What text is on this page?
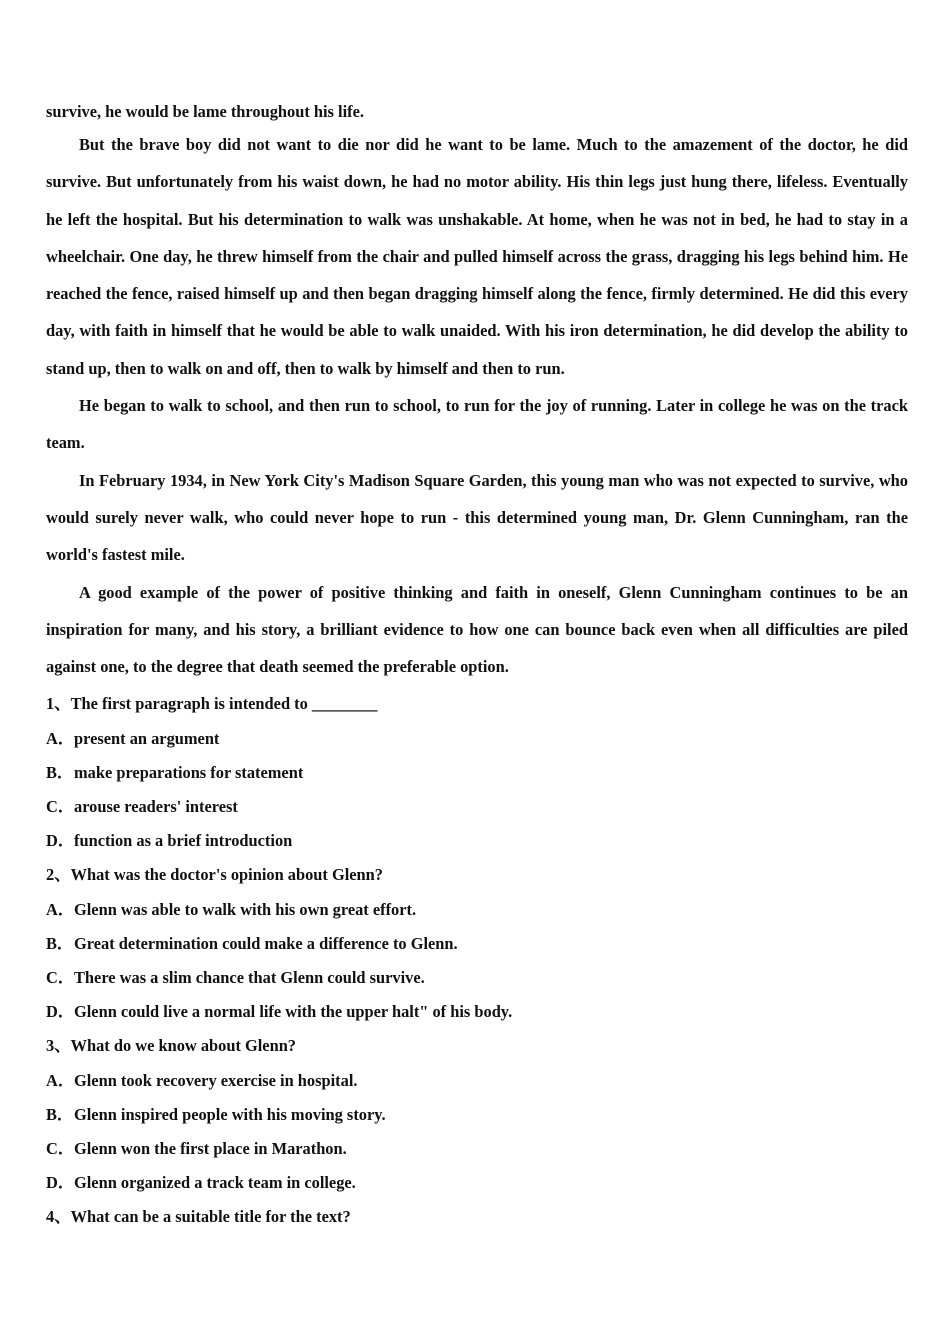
survive, he would be lame throughout his life.

But the brave boy did not want to die nor did he want to be lame. Much to the amazement of the doctor, he did survive. But unfortunately from his waist down, he had no motor ability. His thin legs just hung there, lifeless. Eventually he left the hospital. But his determination to walk was unshakable. At home, when he was not in bed, he had to stay in a wheelchair. One day, he threw himself from the chair and pulled himself across the grass, dragging his legs behind him. He reached the fence, raised himself up and then began dragging himself along the fence, firmly determined. He did this every day, with faith in himself that he would be able to walk unaided. With his iron determination, he did develop the ability to stand up, then to walk on and off, then to walk by himself and then to run.

He began to walk to school, and then run to school, to run for the joy of running. Later in college he was on the track team.

In February 1934, in New York City's Madison Square Garden, this young man who was not expected to survive, who would surely never walk, who could never hope to run - this determined young man, Dr. Glenn Cunningham, ran the world's fastest mile.

A good example of the power of positive thinking and faith in oneself, Glenn Cunningham continues to be an inspiration for many, and his story, a brilliant evidence to how one can bounce back even when all difficulties are piled against one, to the degree that death seemed the preferable option.

1、The first paragraph is intended to ________

A．present an argument

B．make preparations for statement

C．arouse readers' interest

D．function as a brief introduction

2、What was the doctor's opinion about Glenn?

A．Glenn was able to walk with his own great effort.

B．Great determination could make a difference to Glenn.

C．There was a slim chance that Glenn could survive.

D．Glenn could live a normal life with the upper halt" of his body.

3、What do we know about Glenn?

A．Glenn took recovery exercise in hospital.

B．Glenn inspired people with his moving story.

C．Glenn won the first place in Marathon.

D．Glenn organized a track team in college.

4、What can be a suitable title for the text?
